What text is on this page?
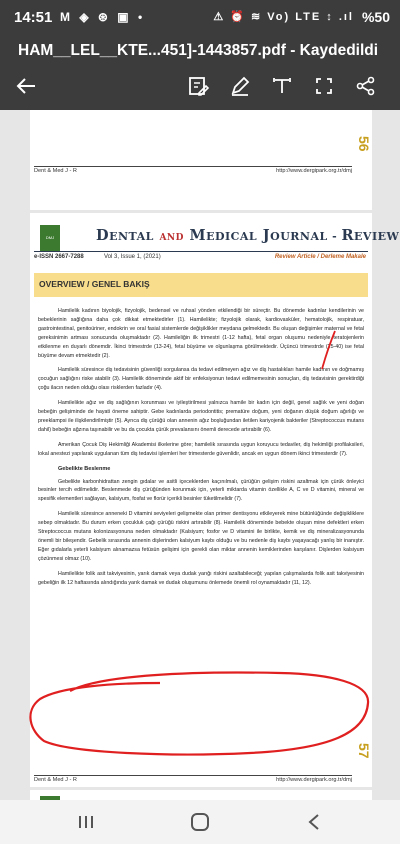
14:51 M ◈ ⊛ ▣ •	⚠ ⏰ ≋ Vo) LTE ↕ .ıl %50
HAM__LEL__KTE...451]-1443857.pdf - Kaydedildi
56
Dent & Med J - R	http://www.dergipark.org.tr/dmj
DMJ	DENTAL AND MEDICAL JOURNAL - REVIEW
e-ISSN 2667-7288	Vol 3, Issue 1, (2021)	Review Article / Derleme Makale
OVERVIEW / GENEL BAKIŞ

Hamilelik kadının biyolojik, fizyolojik, bedensel ve ruhsal yönden etkilendiği bir süreçtir. Bu dönemde kadınlar kendilerinin ve bebeklerinin sağlığına daha çok dikkat etmektedirler (1). Hamilelikte; fizyolojik olarak, kardiovasküler, hematolojik, respiratuar, gastrointestinal, genitoüriner, endokrin ve oral fasial sistemlerde değişiklikler meydana gelmektedir. Bu oluşan değişimler maternal ve fetal gereksinimin artması sonucunda oluşmaktadır (2). Hamileliğin ilk trimestri (1-12 hafta), fetal organ oluşumu nedeniyle teratojenlerin etkilenme en duyarlı dönemdir. İkinci trimestrde (13-24), fetal büyüme ve olgunlaşma görülmektedir. Üçüncü trimestrde (25-40) ise fetal büyüme devam etmektedir (2).

Hamilelik süresince diş tedavisinin güvenliği sorgulansa da tedavi edilmeyen ağız ve diş hastalıkları hamile kadının ve doğmamış çocuğun sağlığını riske atabilir (3). Hamilelik döneminde aktif bir enfeksiyonun tedavi edilmemesinin sonuçları, diş tedavisinin gerektirdiği çoğu ilacın neden olduğu olası risklerden fazladır (4).

Hamilelikte ağız ve diş sağlığının korunması ve iyileştirilmesi yalnızca hamile bir kadın için değil, genel sağlık ve yeni doğan bebeğin gelişiminde de hayati öneme sahiptir. Gebe kadınlarda periodontitis; prematüre doğum, yeni doğanın düşük doğum ağırlığı ve preeklampsi ile ilişkilendirilmiştir (5). Ayrıca diş çürüğü olan annenin ağız boşluğundan iletilen kariyojenik bakteriler (Streptococcus mutans dahil) bebeğin ağzına taşınabilir ve bu da çocukta çürük prevalansını önemli derecede artırabilir (6).

Amerikan Çocuk Diş Hekimliği Akademisi ilkelerine göre; hamilelik sırasında uygun koruyucu tedaviler, diş hekimliği profilaksileri, lokal anestezi yapılarak uygulanan tüm diş tedavisi işlemleri her trimesterde güvenlidir, ancak en uygun dönem ikinci trimesterdir (7).

Gebelikte Beslenme

Gebelikte karbonhidrattan zengin gıdalar ve asitli içeceklerden kaçınılmalı, çürüğün gelişim riskini azaltmak için çürük önleyici besinler tercih edilmelidir. Beslenmede diş çürüğünden korunmak için, yeterli miktarda vitamin özellikle A, C ve D vitamini, mineral ve spesifik elementleri sağlayan, kalsiyum, fosfat ve florür içerikli besinler tüketilmelidir (7).

Hamilelik süresince anneneki D vitamini seviyeleri gelişmekte olan primer dentisyonu etkileyerek mine bütünlüğünde değişikliklere sebep olmaktadır. Bu durum erken çocukluk çağı çürüğü riskini artırabilir (8). Hamilelik döneminde bebekte oluşan mine defektleri erken Streptococcus mutans kolonizasyonuna neden olmaktadır (Kalsiyum; fosfor ve D vitamini ile birlikte, kemik ve diş mineralizasyonunda önemli bir bileşendir. Gebelik sırasında annenin dişlerinden kalsiyum kaybı olduğu ve bu nedenle diş kaybı yaşayacağı yanlış bir inanıştır. Eğer gıdalarla yeterli kalsiyum alınamazsa fetüsün gelişimi için gerekli olan miktar annenin kemiklerinden karşılanır. Dişlerden kalsiyum çözünmesi olmaz (10).

Hamilelikte folik asit takviyesinin, yarık damak veya dudak yarığı riskini azaltabileceği; yapılan çalışmalarda folik asit takviyesinin gebeliğin ilk 12 haftasında alındığında yarık damak ve dudak oluşumunu önlemede önemli rol oynamaktadır (11, 12).

57
Dent & Med J - R	http://www.dergipark.org.tr/dmj
